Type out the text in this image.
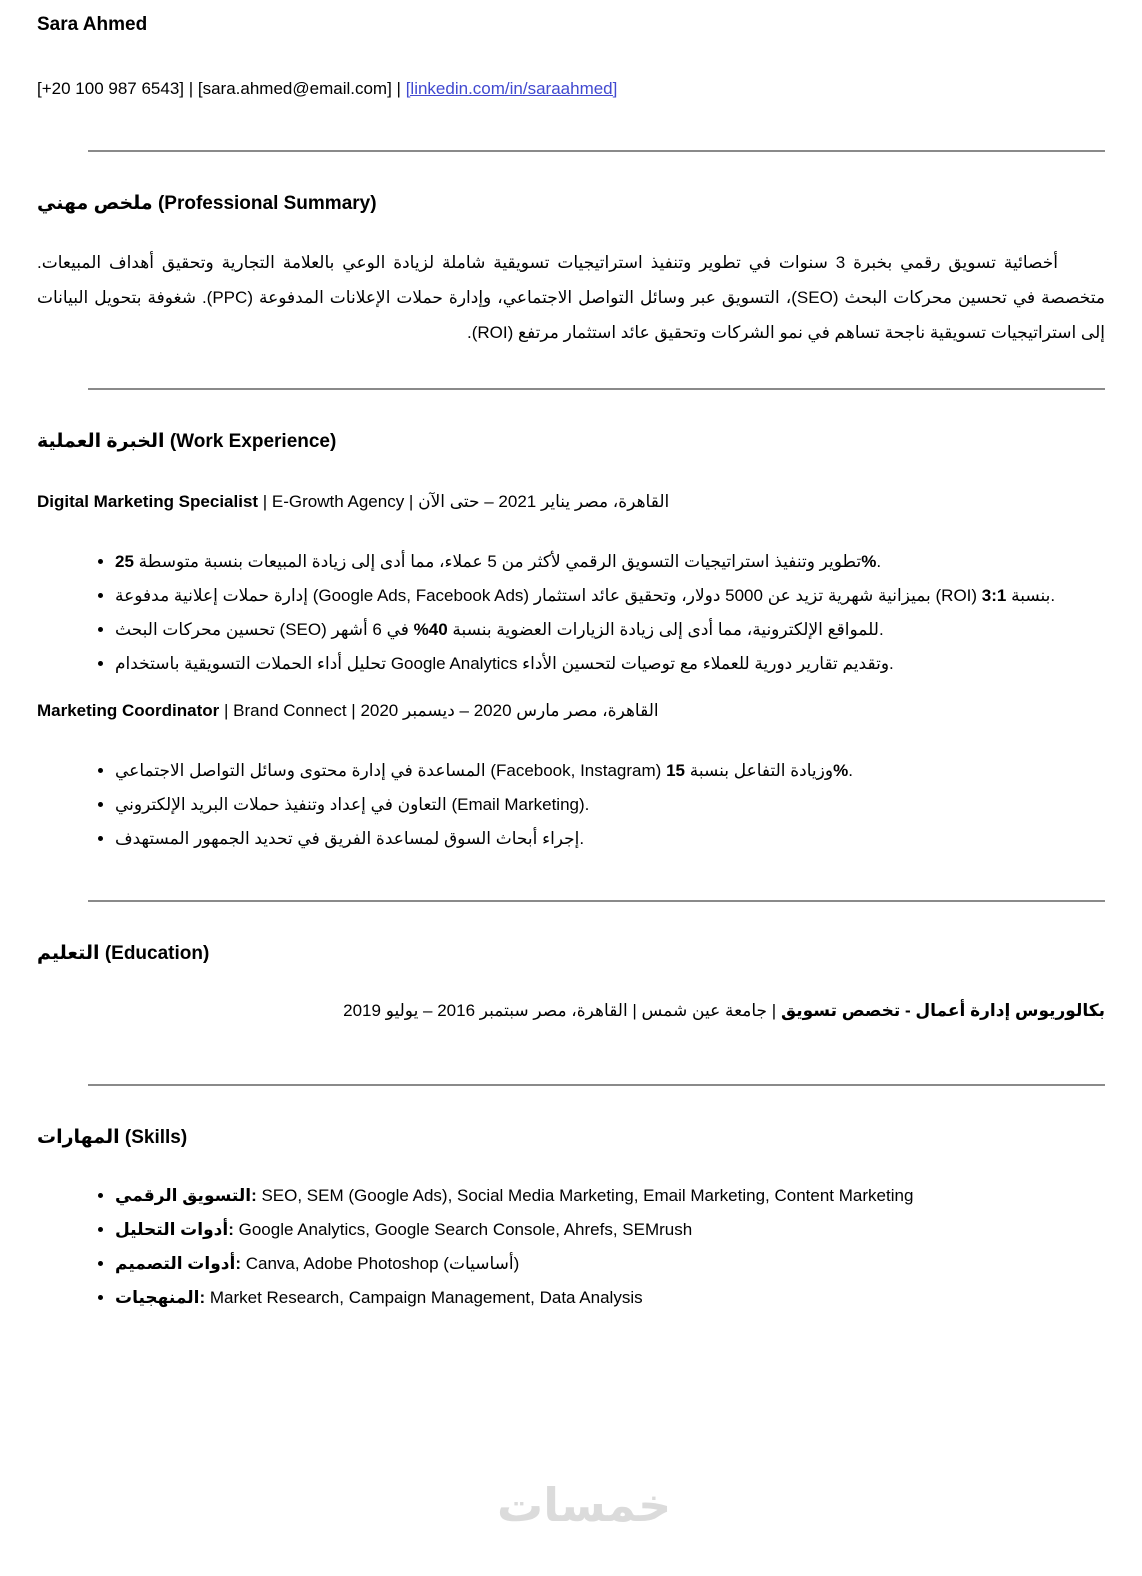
خمسات
Sara Ahmed
[+20 100 987 6543] | [sara.ahmed@email.com] | [linkedin.com/in/saraahmed]
ملخص مهني (Professional Summary)

أخصائية تسويق رقمي بخبرة 3 سنوات في تطوير وتنفيذ استراتيجيات تسويقية شاملة لزيادة الوعي بالعلامة التجارية وتحقيق أهداف المبيعات. متخصصة في تحسين محركات البحث (SEO)، التسويق عبر وسائل التواصل الاجتماعي، وإدارة حملات الإعلانات المدفوعة (PPC). شغوفة بتحويل البيانات إلى استراتيجيات تسويقية ناجحة تساهم في نمو الشركات وتحقيق عائد استثمار مرتفع (ROI).

الخبرة العملية (Work Experience)

Digital Marketing Specialist | E-Growth Agency | القاهرة، مصر يناير 2021 – حتى الآن

• تطوير وتنفيذ استراتيجيات التسويق الرقمي لأكثر من 5 عملاء، مما أدى إلى زيادة المبيعات بنسبة متوسطة 25%.
• إدارة حملات إعلانية مدفوعة (Google Ads, Facebook Ads) بميزانية شهرية تزيد عن 5000 دولار، وتحقيق عائد استثمار (ROI) بنسبة 3:1	.
• تحسين محركات البحث (SEO) للمواقع الإلكترونية، مما أدى إلى زيادة الزيارات العضوية بنسبة 40% في 6 أشهر.
• تحليل أداء الحملات التسويقية باستخدام Google Analytics وتقديم تقارير دورية للعملاء مع توصيات لتحسين الأداء.

Marketing Coordinator | Brand Connect | القاهرة، مصر مارس 2020 – ديسمبر 2020

• المساعدة في إدارة محتوى وسائل التواصل الاجتماعي (Facebook, Instagram) وزيادة التفاعل بنسبة 15%.
• التعاون في إعداد وتنفيذ حملات البريد الإلكتروني (Email Marketing).
• إجراء أبحاث السوق لمساعدة الفريق في تحديد الجمهور المستهدف.
التعليم (Education)

بكالوريوس إدارة أعمال - تخصص تسويق | جامعة عين شمس | القاهرة، مصر سبتمبر 2016 – يوليو 2019

المهارات (Skills)
• التسويق الرقمي: SEO, SEM (Google Ads), Social Media Marketing, Email Marketing, Content Marketing
• أدوات التحليل: Google Analytics, Google Search Console, Ahrefs, SEMrush
• أدوات التصميم: Canva, Adobe Photoshop (أساسيات)
• المنهجيات: Market Research, Campaign Management, Data Analysis
